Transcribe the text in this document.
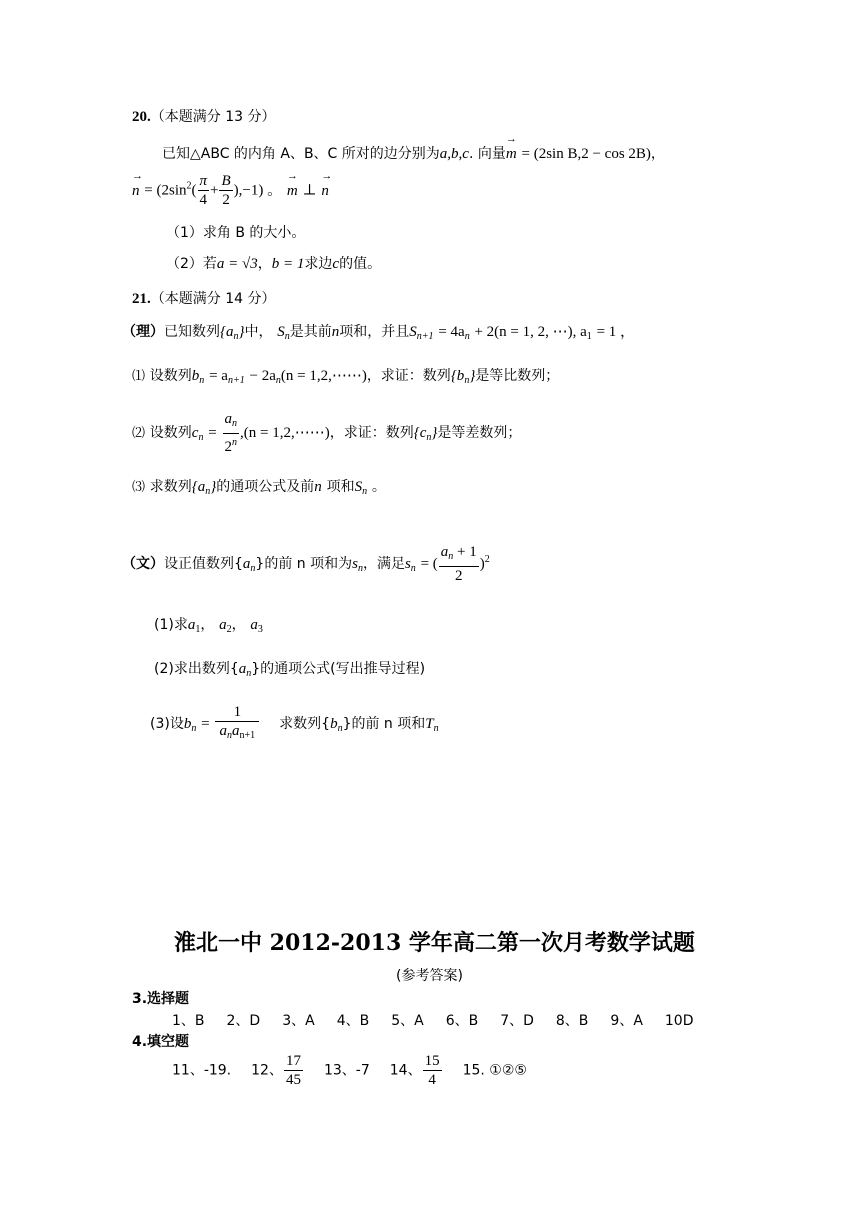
20.（本题满分 13 分）
已知△ABC 的内角 A、B、C 所对的边分别为a,b,c. 向量→ m = (2sin B,2 − cos 2B)，
→ $n = (2\sin^2( \frac{\pi}{4} + \frac{B}{2} ),-1)$ 。 → m ⊥ → n
（1）求角 B 的大小。
（2）若a = √3，b = 1求边c的值。
21.（本题满分 14 分）
（理）已知数列$\{a_n\}$中， $S_n$是其前n项和，并且$S_{n+1} = 4a_n + 2(n = 1$, 2, ⋯), $a_1 = 1$ ，
⑴ 设数列$b_n = a_{n+1} - 2a_n(n$ = 1,2,⋯⋯)，求证：数列$\{b_n\}$是等比数列；
⑵ 设数列$c_n = \frac{a_n}{2^n} ,(n$ = 1,2,⋯⋯)，求证：数列$\{c_n\}$是等差数列；
⑶ 求数列$\{a_n\}$的通项公式及前n 项和$S_n$ 。
（文）设正值数列$\{a_n\}$的前 n 项和为$s_n$，满足$s_n$ = ( $\frac{a_n + 1}{2} )^2$
(1)求$a_1$， $a_2$， $a_3$
(2)求出数列$\{a_n\}$的通项公式(写出推导过程)
(3)设$b_n = \frac{1}{a_na_{n+1}}$ 求数列$\{b_n\}$的前 n 项和$T_n$
淮北一中 2012-2013 学年高二第一次月考数学试题
(参考答案)
3.选择题
1、B 2、D 3、A 4、B 5、A 6、B 7、D 8、B 9、A 10D
4.填空题
11、-19. 12、 $\frac{17}{45} 13$、-7 14、 $\frac{15}{4} 15$. ①②⑤
